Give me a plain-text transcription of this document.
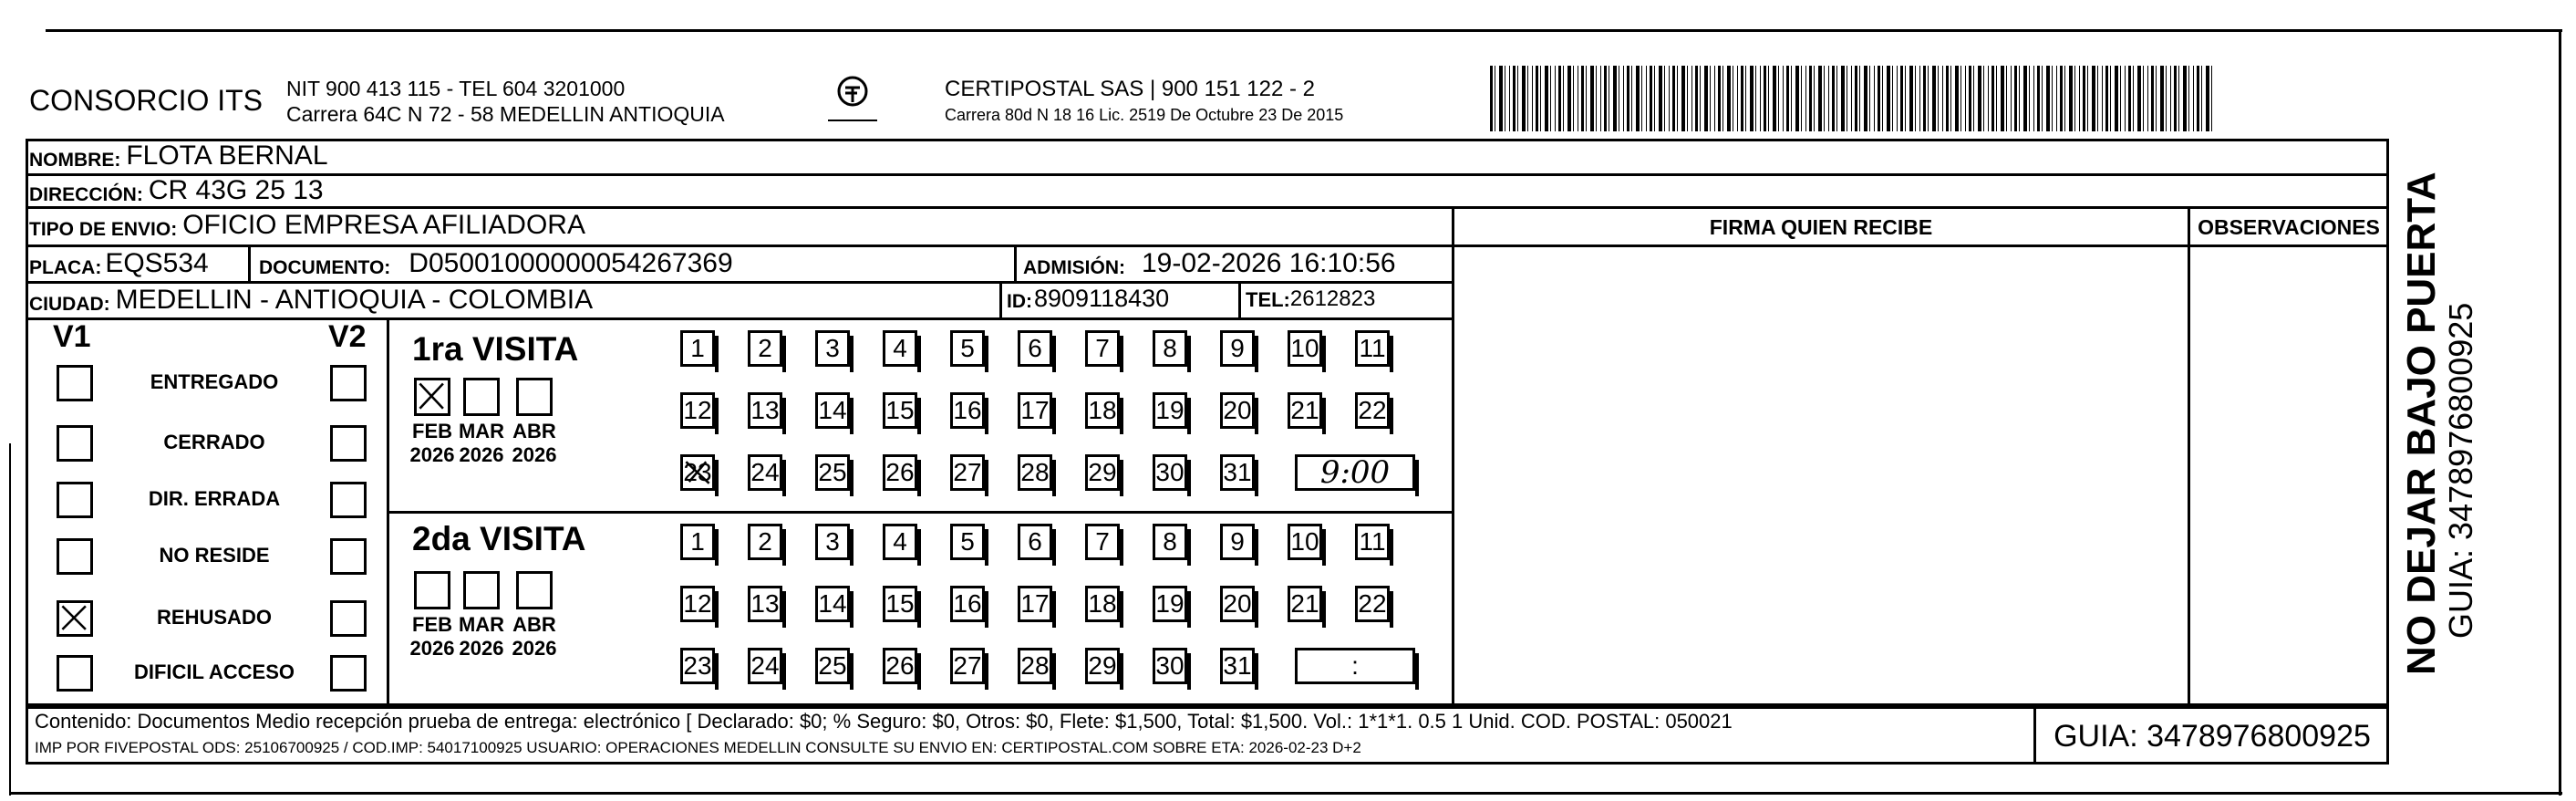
CONSORCIO ITS NIT 900 413 115 - TEL 604 3201000
Carrera 64C N 72 - 58 MEDELLIN ANTIOQUIA
CERTIPOSTAL SAS | 900 151 122 - 2
Carrera 80d N 18 16 Lic. 2519 De Octubre 23 De 2015
NOMBRE: FLOTA BERNAL
DIRECCIÓN: CR 43G 25 13
TIPO DE ENVIO: OFICIO EMPRESA AFILIADORA
PLACA: EQS534	DOCUMENTO: D05001000000054267369	ADMISIÓN: 19-02-2026 16:10:56
CIUDAD: MEDELLIN - ANTIOQUIA - COLOMBIA	ID: 8909118430	TEL: 2612823
FIRMA QUIEN RECIBE	OBSERVACIONES
V1	V2
ENTREGADO
CERRADO
DIR. ERRADA
NO RESIDE
REHUSADO
DIFICIL ACCESO
1ra VISITA
2da VISITA
FEB
2026
MAR
2026
ABR
2026
1 2 3 4 5 6 7 8 9 10 11
12 13 14 15 16 17 18 19 20 21 22
23 24 25 26 27 28 29 30 31 9:00
FEB
2026
MAR
2026
ABR
2026
1 2 3 4 5 6 7 8 9 10 11
12 13 14 15 16 17 18 19 20 21 22
23 24 25 26 27 28 29 30 31	:
Contenido: Documentos Medio recepción prueba de entrega: electrónico [ Declarado: $0; % Seguro: $0, Otros: $0, Flete: $1,500, Total: $1,500. Vol.: 1*1*1. 0.5 1 Unid. COD. POSTAL: 050021
IMP POR FIVEPOSTAL ODS: 25106700925 / COD.IMP: 54017100925 USUARIO: OPERACIONES MEDELLIN CONSULTE SU ENVIO EN: CERTIPOSTAL.COM SOBRE ETA: 2026-02-23 D+2	GUIA: 3478976800925
NO DEJAR BAJO PUERTA
GUIA: 3478976800925
